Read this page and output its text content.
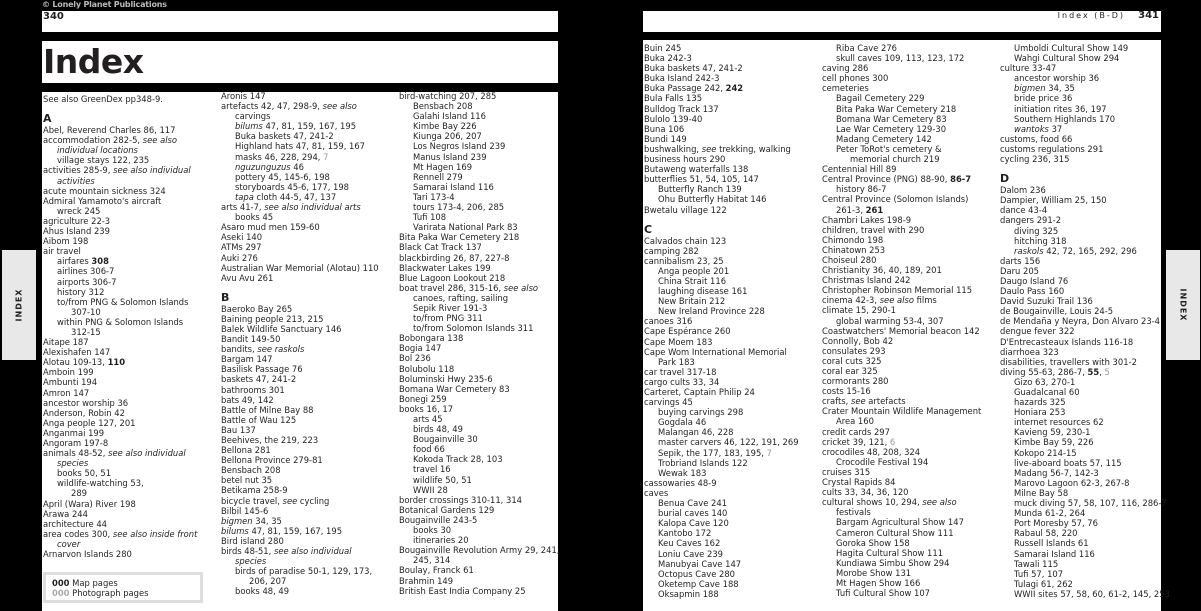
© Lonely Planet Publications
340
Index
See also GreenDex pp348-9.
A
Abel, Reverend Charles 86, 117
accommodation 282-5, see also
individual locations
village stays 122, 235
activities 285-9, see also individual
activities
acute mountain sickness 324
Admiral Yamamoto's aircraft
wreck 245
agriculture 22-3
Ahus Island 239
Aibom 198
air travel
airfares 308
airlines 306-7
airports 306-7
history 312
to/from PNG & Solomon Islands
307-10
within PNG & Solomon Islands
312-15
Aitape 187
Alexishafen 147
Alotau 109-13, 110
Amboin 199
Ambunti 194
Amron 147
ancestor worship 36
Anderson, Robin 42
Anga people 127, 201
Anganmai 199
Angoram 197-8
animals 48-52, see also individual
species
books 50, 51
wildlife-watching 53,
289
April (Wara) River 198
Arawa 244
architecture 44
area codes 300, see also inside front
cover
Arnarvon Islands 280
000 Map pages
000 Photograph pages
Aronis 147
artefacts 42, 47, 298-9, see also
carvings
bilums 47, 81, 159, 167, 195
Buka baskets 47, 241-2
Highland hats 47, 81, 159, 167
masks 46, 228, 294, 7
nguzunguzus 46
pottery 45, 145-6, 198
storyboards 45-6, 177, 198
tapa cloth 44-5, 47, 137
arts 41-7, see also individual arts
books 45
Asaro mud men 159-60
Aseki 140
ATMs 297
Auki 276
Australian War Memorial (Alotau) 110
Avu Avu 261
B
Baeroko Bay 265
Baining people 213, 215
Balek Wildlife Sanctuary 146
Bandit 149-50
bandits, see raskols
Bargam 147
Basilisk Passage 76
baskets 47, 241-2
bathrooms 301
bats 49, 142
Battle of Milne Bay 88
Battle of Wau 125
Bau 137
Beehives, the 219, 223
Bellona 281
Bellona Province 279-81
Bensbach 208
betel nut 35
Betikama 258-9
bicycle travel, see cycling
Bilbil 145-6
bigmen 34, 35
bilums 47, 81, 159, 167, 195
Bird island 280
birds 48-51, see also individual
species
birds of paradise 50-1, 129, 173,
206, 207
books 48, 49
bird-watching 207, 285
Bensbach 208
Galahi Island 116
Kimbe Bay 226
Kiunga 206, 207
Los Negros Island 239
Manus Island 239
Mt Hagen 169
Rennell 279
Samarai Island 116
Tari 173-4
tours 173-4, 206, 285
Tufi 108
Varirata National Park 83
Bita Paka War Cemetery 218
Black Cat Track 137
blackbirding 26, 87, 227-8
Blackwater Lakes 199
Blue Lagoon Lookout 218
boat travel 286, 315-16, see also
canoes, rafting, sailing
Sepik River 191-3
to/from PNG 311
to/from Solomon Islands 311
Bobongara 138
Bogia 147
Bol 236
Bolubolu 118
Boluminski Hwy 235-6
Bomana War Cemetery 83
Bonegi 259
books 16, 17
arts 45
birds 48, 49
Bougainville 30
food 66
Kokoda Track 28, 103
travel 16
wildlife 50, 51
WWII 28
border crossings 310-11, 314
Botanical Gardens 129
Bougainville 243-5
books 30
itineraries 20
Bougainville Revolution Army 29, 241,
245, 314
Boulay, Franck 61
Brahmin 149
British East India Company 25
INDEX
Index (B-D) 341
Buin 245
Buka 242-3
Buka baskets 47, 241-2
Buka Island 242-3
Buka Passage 242, 242
Bula Falls 135
Bulldog Track 137
Bulolo 139-40
Buna 106
Bundi 149
bushwalking, see trekking, walking
business hours 290
Butaweng waterfalls 138
butterflies 51, 54, 105, 147
Butterfly Ranch 139
Ohu Butterfly Habitat 146
Bwetalu village 122
C
Calvados chain 123
camping 282
cannibalism 23, 25
Anga people 201
China Strait 116
laughing disease 161
New Britain 212
New Ireland Province 228
canoes 316
Cape Espérance 260
Cape Moem 183
Cape Wom International Memorial
Park 183
car travel 317-18
cargo cults 33, 34
Carteret, Captain Philip 24
carvings 45
buying carvings 298
Gogdala 46
Malangan 46, 228
master carvers 46, 122, 191, 269
Sepik, the 177, 183, 195, 7
Trobriand Islands 122
Wewak 183
cassowaries 48-9
caves
Benua Cave 241
burial caves 140
Kalopa Cave 120
Kantobo 172
Keu Caves 162
Loniu Cave 239
Manubyai Cave 147
Octopus Cave 280
Oketemp Cave 188
Oksapmin 188
Riba Cave 276
skull caves 109, 113, 123, 172
caving 286
cell phones 300
cemeteries
Bagail Cemetery 229
Bita Paka War Cemetery 218
Bomana War Cemetery 83
Lae War Cemetery 129-30
Madang Cemetery 142
Peter ToRot's cemetery &
memorial church 219
Centennial Hill 89
Central Province (PNG) 88-90, 86-7
history 86-7
Central Province (Solomon Islands)
261-3, 261
Chambri Lakes 198-9
children, travel with 290
Chimondo 198
Chinatown 253
Choiseul 280
Christianity 36, 40, 189, 201
Christmas Island 242
Christopher Robinson Memorial 115
cinema 42-3, see also films
climate 15, 290-1
global warming 53-4, 307
Coastwatchers' Memorial beacon 142
Connolly, Bob 42
consulates 293
coral cuts 325
coral ear 325
cormorants 280
costs 15-16
crafts, see artefacts
Crater Mountain Wildlife Management
Area 160
credit cards 297
cricket 39, 121, 6
crocodiles 48, 208, 324
Crocodile Festival 194
cruises 315
Crystal Rapids 84
cults 33, 34, 36, 120
cultural shows 10, 294, see also
festivals
Bargam Agricultural Show 147
Cameron Cultural Show 111
Goroka Show 158
Hagita Cultural Show 111
Kundiawa Simbu Show 294
Morobe Show 131
Mt Hagen Show 166
Tufi Cultural Show 107
Umboldi Cultural Show 149
Wahgi Cultural Show 294
culture 33-47
ancestor worship 36
bigmen 34, 35
bride price 36
initiation rites 36, 197
Southern Highlands 170
wantoks 37
customs, food 66
customs regulations 291
cycling 236, 315
D
Dalom 236
Dampier, William 25, 150
dance 43-4
dangers 291-2
diving 325
hitching 318
raskols 42, 72, 165, 292, 296
darts 156
Daru 205
Daugo Island 76
Daulo Pass 160
David Suzuki Trail 136
de Bougainville, Louis 24-5
de Mendaña y Neyra, Don Alvaro 23-4
dengue fever 322
D'Entrecasteaux Islands 116-18
diarrhoea 323
disabilities, travellers with 301-2
diving 55-63, 286-7, 55, 5
Gizo 63, 270-1
Guadalcanal 60
hazards 325
Honiara 253
internet resources 62
Kavieng 59, 230-1
Kimbe Bay 59, 226
Kokopo 214-15
live-aboard boats 57, 115
Madang 56-7, 142-3
Marovo Lagoon 62-3, 267-8
Milne Bay 58
muck diving 57, 58, 107, 116, 286-7
Munda 61-2, 264
Port Moresby 57, 76
Rabaul 58, 220
Russell Islands 61
Samarai Island 116
Tawali 115
Tufi 57, 107
Tulagi 61, 262
WWII sites 57, 58, 60, 61-2, 145, 253
INDEX
